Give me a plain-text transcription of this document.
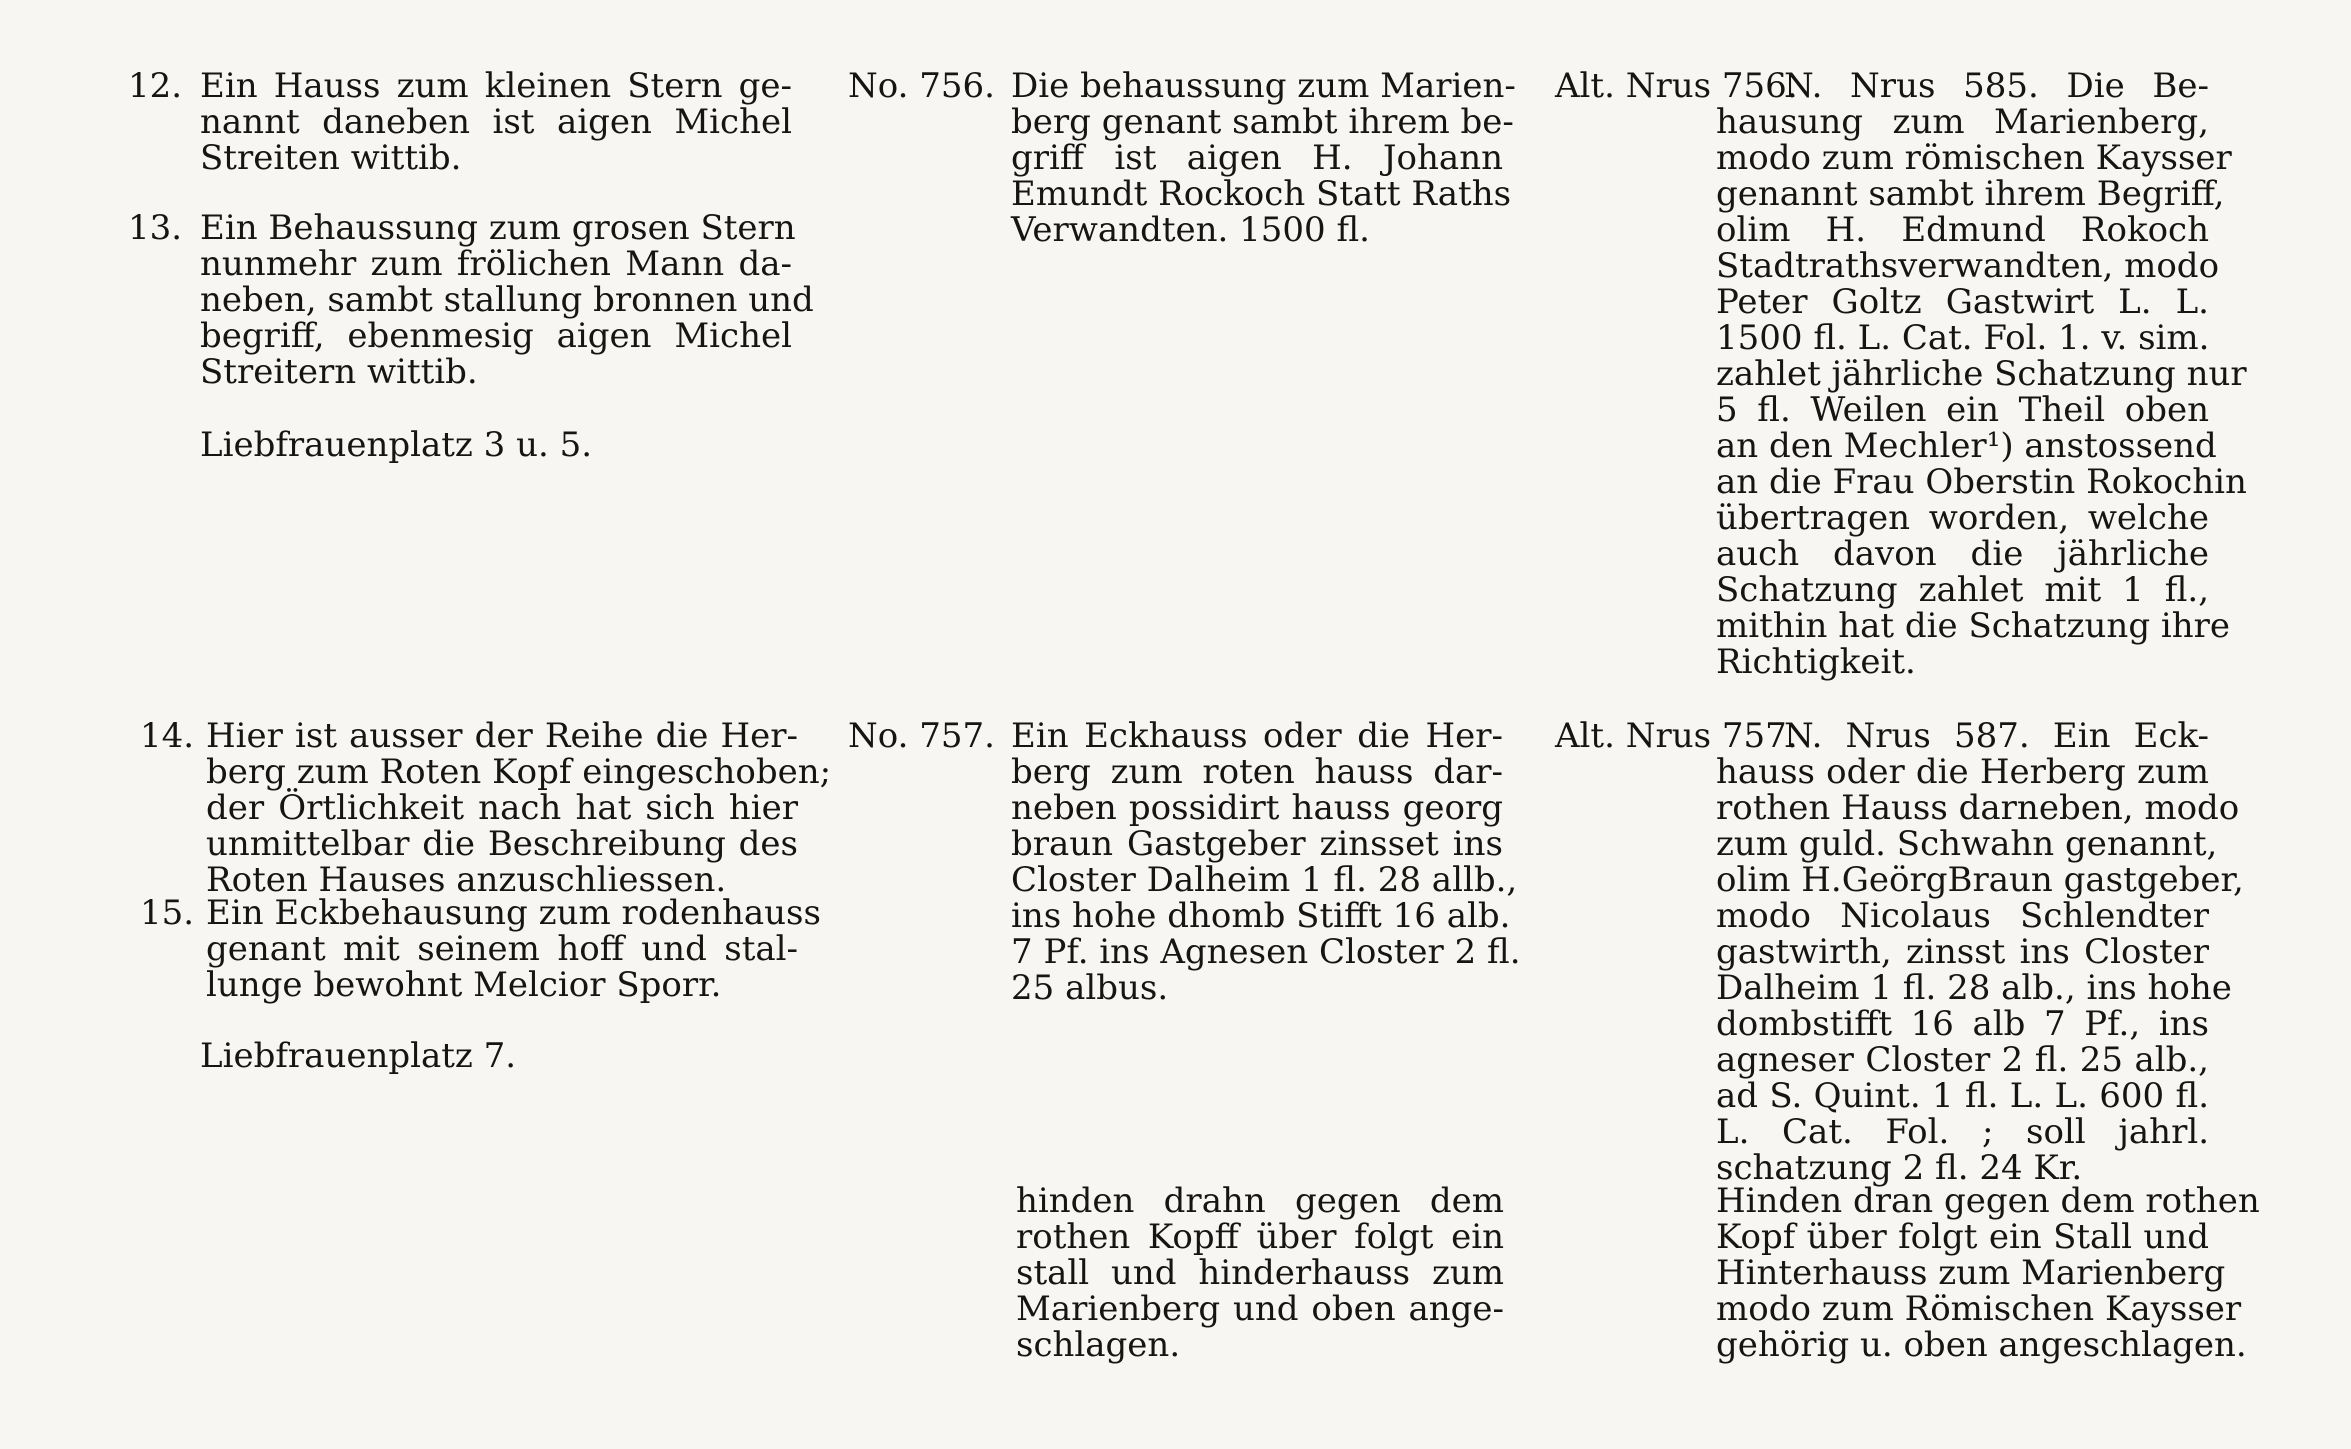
12. Ein Hauss zum kleinen Stern ge-
nannt daneben ist aigen Michel
Streiten wittib.
13. Ein Behaussung zum grosen Stern
nunmehr zum frölichen Mann da-
neben, sambt stallung bronnen und
begriff, ebenmesig aigen Michel
Streitern wittib.
Liebfrauenplatz 3 u. 5.
14. Hier ist ausser der Reihe die Her-
berg zum Roten Kopf eingeschoben;
der Örtlichkeit nach hat sich hier
unmittelbar die Beschreibung des
Roten Hauses anzuschliessen.
15. Ein Eckbehausung zum rodenhauss
genant mit seinem hoff und stal-
lunge bewohnt Melcior Sporr.
Liebfrauenplatz 7.
No. 756. Die behaussung zum Marien-
berg genant sambt ihrem be-
griff ist aigen H. Johann
Emundt Rockoch Statt Raths
Verwandten. 1500 fl.
No. 757. Ein Eckhauss oder die Her-
berg zum roten hauss dar-
neben possidirt hauss georg
braun Gastgeber zinsset ins
Closter Dalheim 1 fl. 28 allb.,
ins hohe dhomb Stifft 16 alb.
7 Pf. ins Agnesen Closter 2 fl.
25 albus.
hinden drahn gegen dem
rothen Kopff über folgt ein
stall und hinderhauss zum
Marienberg und oben ange-
schlagen.
Alt. Nrus 756.
N. Nrus 585. Die Be-
hausung zum Marienberg,
modo zum römischen Kaysser
genannt sambt ihrem Begriff,
olim H. Edmund Rokoch
Stadtrathsverwandten, modo
Peter Goltz Gastwirt L. L.
1500 fl. L. Cat. Fol. 1. v. sim.
zahlet jährliche Schatzung nur
5 fl. Weilen ein Theil oben
an den Mechler¹) anstossend
an die Frau Oberstin Rokochin
übertragen worden, welche
auch davon die jährliche
Schatzung zahlet mit 1 fl.,
mithin hat die Schatzung ihre
Richtigkeit.
Alt. Nrus 757.
N. Nrus 587. Ein Eck-
hauss oder die Herberg zum
rothen Hauss darneben, modo
zum guld. Schwahn genannt,
olim H.GeörgBraun gastgeber,
modo Nicolaus Schlendter
gastwirth, zinsst ins Closter
Dalheim 1 fl. 28 alb., ins hohe
dombstifft 16 alb 7 Pf., ins
agneser Closter 2 fl. 25 alb.,
ad S. Quint. 1 fl. L. L. 600 fl.
L. Cat. Fol. ; soll jahrl.
schatzung 2 fl. 24 Kr.
Hinden dran gegen dem rothen
Kopf über folgt ein Stall und
Hinterhauss zum Marienberg
modo zum Römischen Kaysser
gehörig u. oben angeschlagen.
